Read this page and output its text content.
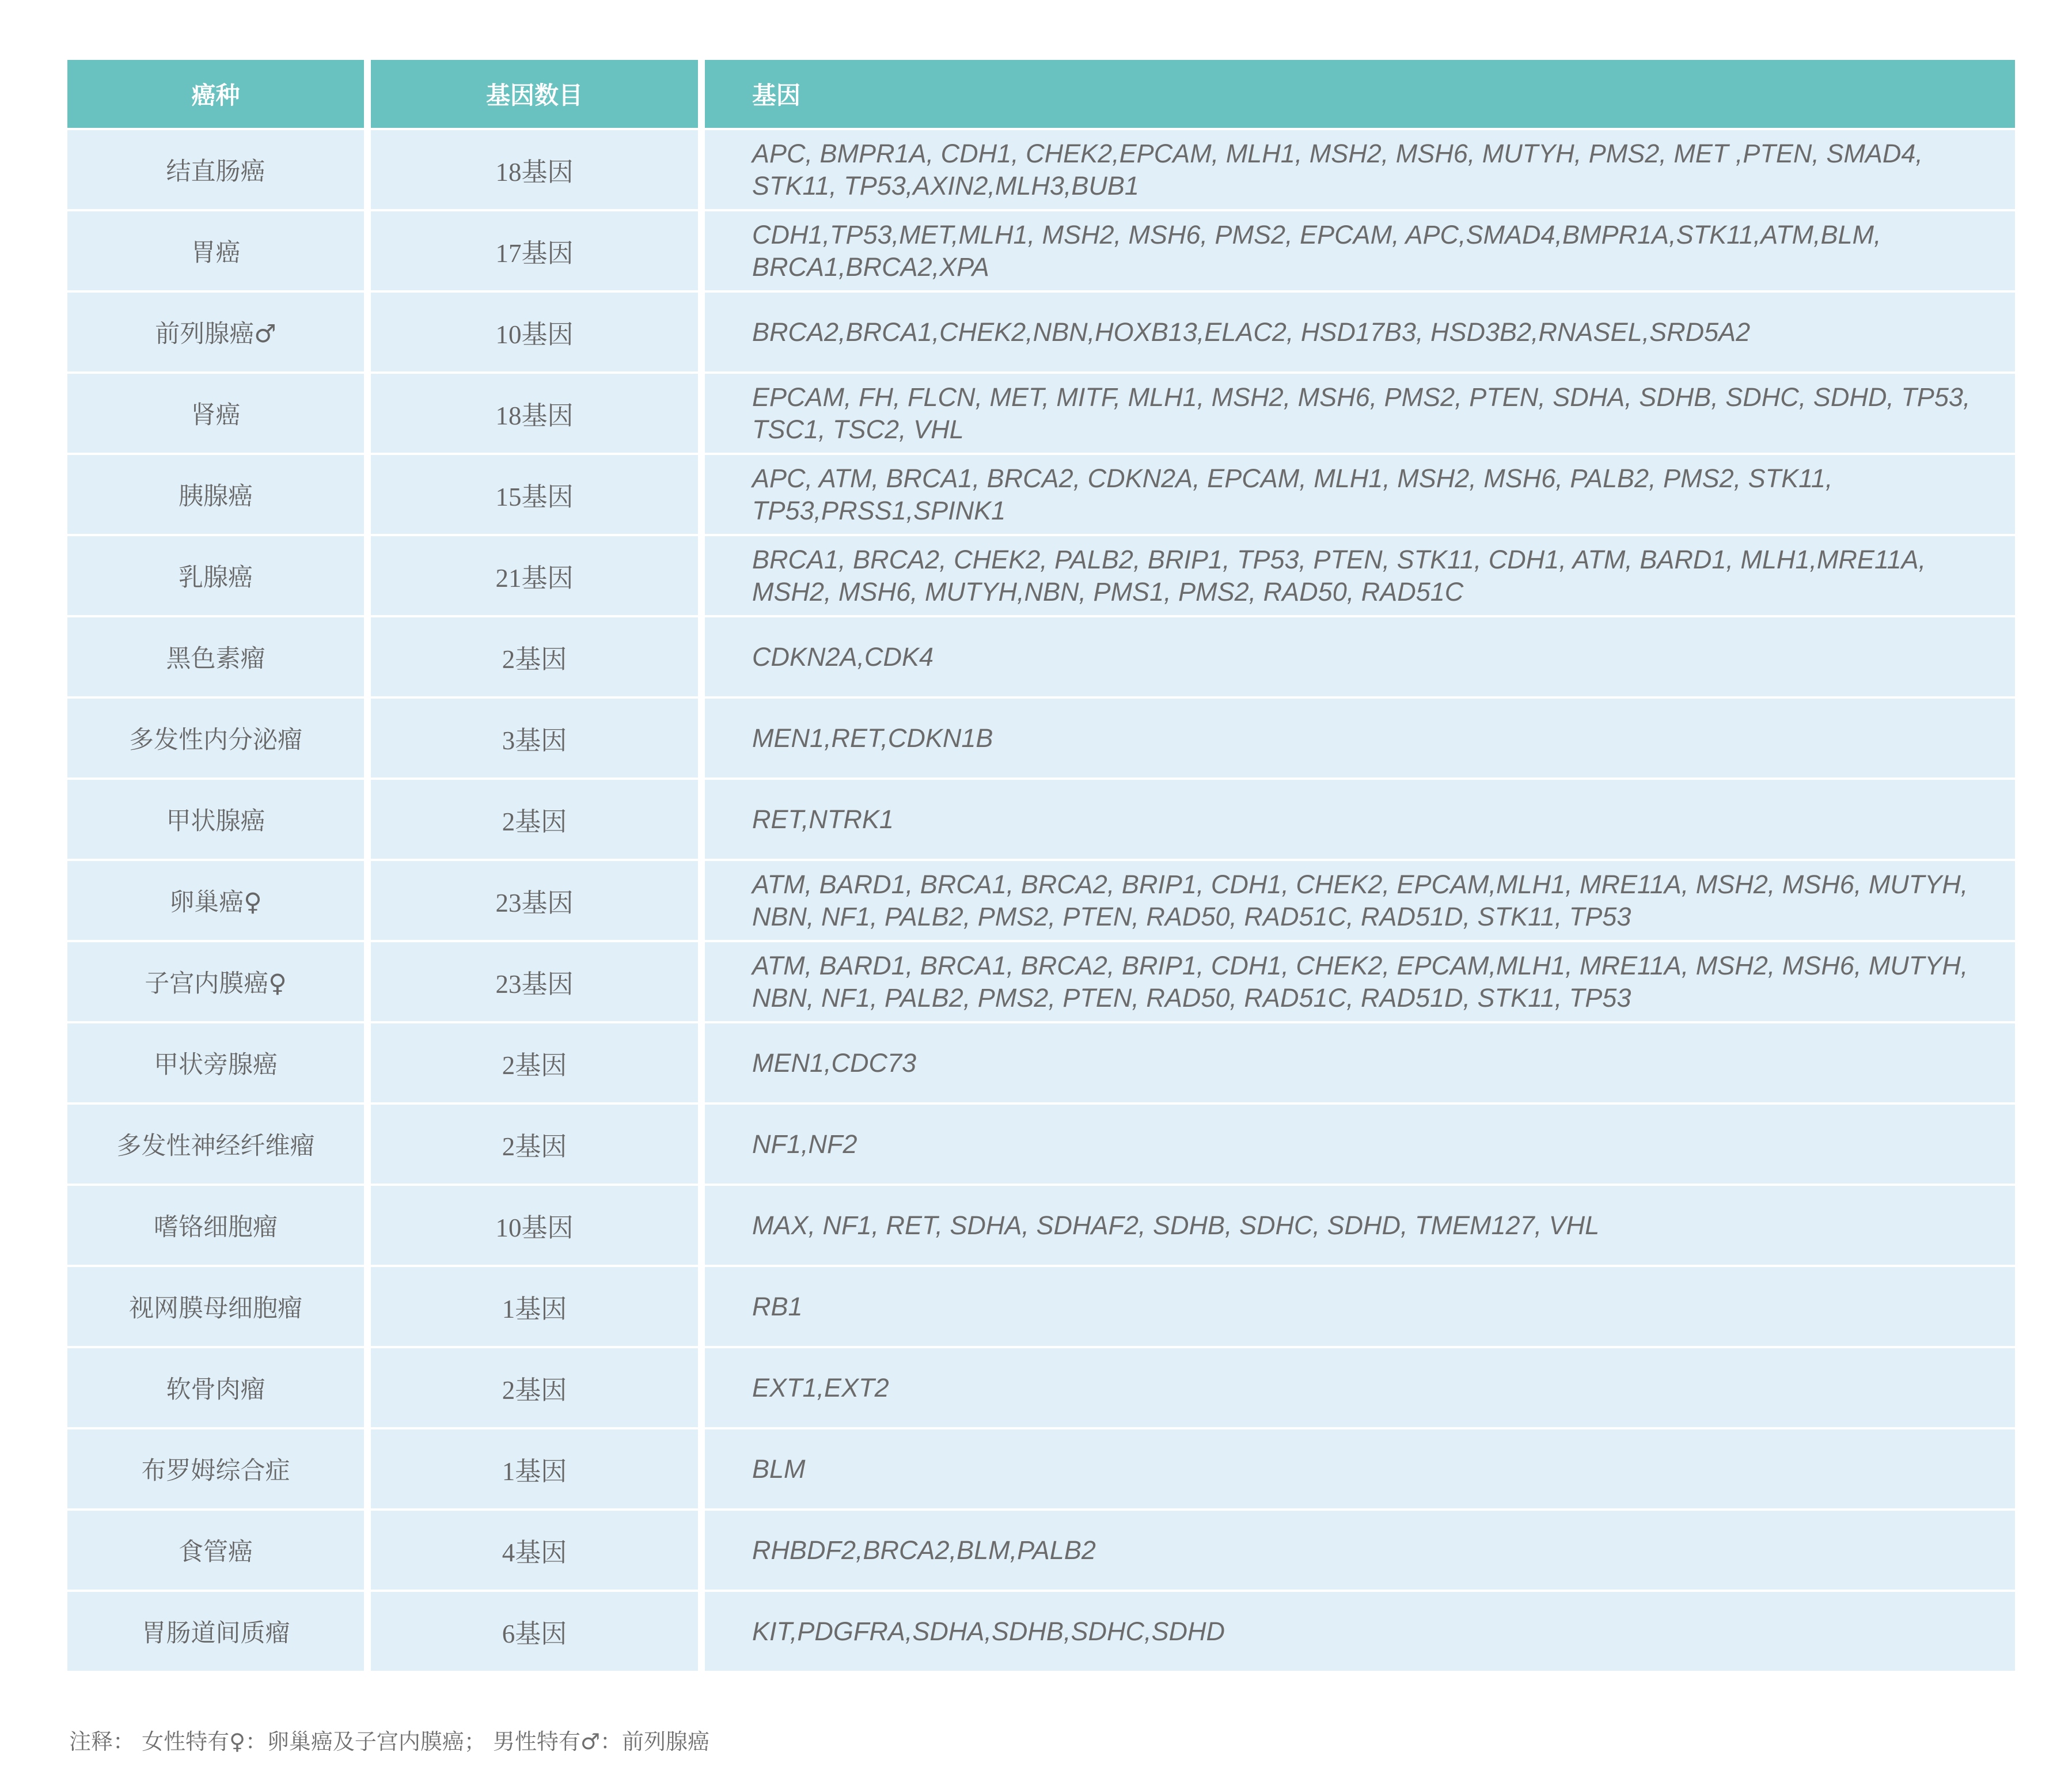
癌种	基因数目	基因
结直肠癌	18基因	APC, BMPR1A, CDH1, CHEK2,EPCAM, MLH1, MSH2, MSH6, MUTYH, PMS2, MET ,PTEN, SMAD4, STK11, TP53,AXIN2,MLH3,BUB1
胃癌	17基因	CDH1,TP53,MET,MLH1, MSH2, MSH6, PMS2, EPCAM, APC,SMAD4,BMPR1A,STK11,ATM,BLM, BRCA1,BRCA2,XPA
前列腺癌♂	10基因	BRCA2,BRCA1,CHEK2,NBN,HOXB13,ELAC2, HSD17B3, HSD3B2,RNASEL,SRD5A2
肾癌	18基因	EPCAM, FH, FLCN, MET, MITF, MLH1, MSH2, MSH6, PMS2, PTEN, SDHA, SDHB, SDHC, SDHD, TP53, TSC1, TSC2, VHL
胰腺癌	15基因	APC, ATM, BRCA1, BRCA2, CDKN2A, EPCAM, MLH1, MSH2, MSH6, PALB2, PMS2, STK11, TP53,PRSS1,SPINK1
乳腺癌	21基因	BRCA1, BRCA2, CHEK2, PALB2, BRIP1, TP53, PTEN, STK11, CDH1, ATM, BARD1, MLH1,MRE11A, MSH2, MSH6, MUTYH,NBN, PMS1, PMS2, RAD50, RAD51C
黑色素瘤	2基因	CDKN2A,CDK4
多发性内分泌瘤	3基因	MEN1,RET,CDKN1B
甲状腺癌	2基因	RET,NTRK1
卵巢癌♀	23基因	ATM, BARD1, BRCA1, BRCA2, BRIP1, CDH1, CHEK2, EPCAM,MLH1, MRE11A, MSH2, MSH6, MUTYH, NBN, NF1, PALB2, PMS2, PTEN, RAD50, RAD51C, RAD51D, STK11, TP53
子宫内膜癌♀	23基因	ATM, BARD1, BRCA1, BRCA2, BRIP1, CDH1, CHEK2, EPCAM,MLH1, MRE11A, MSH2, MSH6, MUTYH, NBN, NF1, PALB2, PMS2, PTEN, RAD50, RAD51C, RAD51D, STK11, TP53
甲状旁腺癌	2基因	MEN1,CDC73
多发性神经纤维瘤	2基因	NF1,NF2
嗜铬细胞瘤	10基因	MAX, NF1, RET, SDHA, SDHAF2, SDHB, SDHC, SDHD, TMEM127, VHL
视网膜母细胞瘤	1基因	RB1
软骨肉瘤	2基因	EXT1,EXT2
布罗姆综合症	1基因	BLM
食管癌	4基因	RHBDF2,BRCA2,BLM,PALB2
胃肠道间质瘤	6基因	KIT,PDGFRA,SDHA,SDHB,SDHC,SDHD
注释： 女性特有♀：卵巢癌及子宫内膜癌； 男性特有♂：前列腺癌
